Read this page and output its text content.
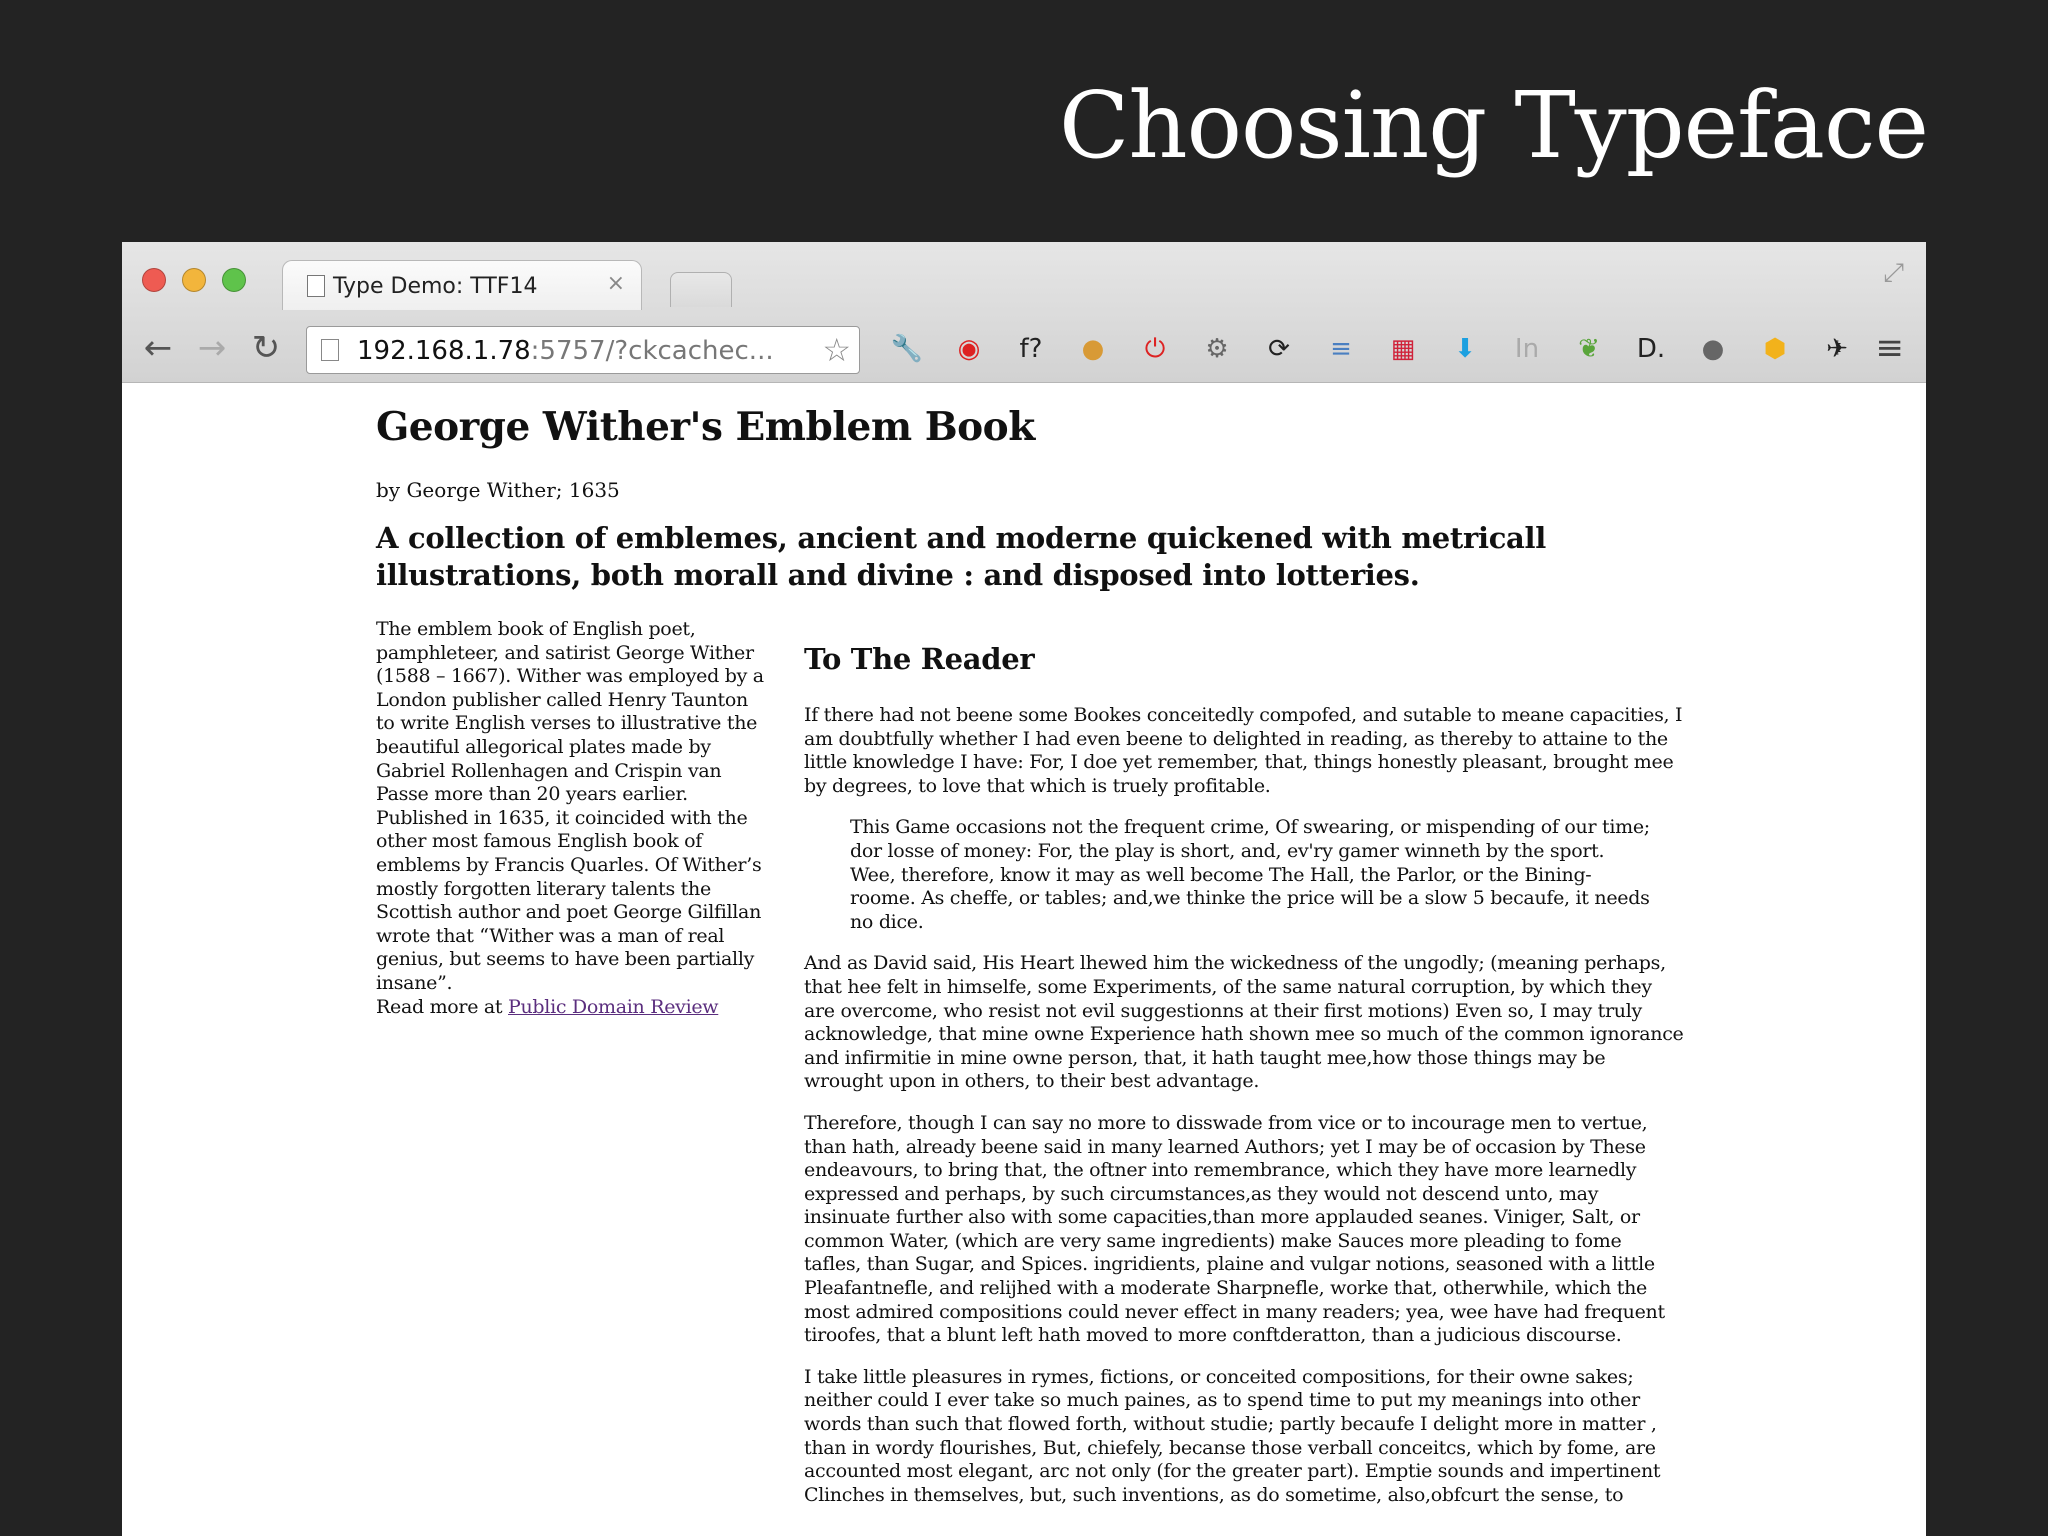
Choosing Typeface
Type Demo: TTF14	×	⤢
← → ↻	192.168.1.78:5757/?ckcachec... ☆ 🔧 ◉ f? ● ⏻ ⚙ ⟳ ≡ ▦ ⬇ In ❦ D. ● ⬢ ✈ ≡
George Wither's Emblem Book
by George Wither; 1635
A collection of emblemes, ancient and moderne quickened with metricall illustrations, both morall and divine : and disposed into lotteries.
The emblem book of English poet, pamphleteer, and satirist George Wither (1588 – 1667). Wither was employed by a London publisher called Henry Taunton to write English verses to illustrative the beautiful allegorical plates made by Gabriel Rollenhagen and Crispin van Passe more than 20 years earlier. Published in 1635, it coincided with the other most famous English book of emblems by Francis Quarles. Of Wither’s mostly forgotten literary talents the Scottish author and poet George Gilfillan wrote that “Wither was a man of real genius, but seems to have been partially insane”.
Read more at Public Domain Review
To The Reader

If there had not beene some Bookes conceitedly compofed, and sutable to meane capacities, I am doubtfully whether I had even beene to delighted in reading, as thereby to attaine to the little knowledge I have: For, I doe yet remember, that, things honestly pleasant, brought mee by degrees, to love that which is truely profitable.

This Game occasions not the frequent crime, Of swearing, or mispending of our time; dor losse of money: For, the play is short, and, ev'ry gamer winneth by the sport. Wee, therefore, know it may as well become The Hall, the Parlor, or the Bining-roome. As cheffe, or tables; and,we thinke the price will be a slow 5 becaufe, it needs no dice.

And as David said, His Heart lhewed him the wickedness of the ungodly; (meaning perhaps, that hee felt in himselfe, some Experiments, of the same natural corruption, by which they are overcome, who resist not evil suggestionns at their first motions) Even so, I may truly acknowledge, that mine owne Experience hath shown mee so much of the common ignorance and infirmitie in mine owne person, that, it hath taught mee,how those things may be wrought upon in others, to their best advantage.

Therefore, though I can say no more to disswade from vice or to incourage men to vertue, than hath, already beene said in many learned Authors; yet I may be of occasion by These endeavours, to bring that, the oftner into remembrance, which they have more learnedly expressed and perhaps, by such circumstances,as they would not descend unto, may insinuate further also with some capacities,than more applauded seanes. Viniger, Salt, or common Water, (which are very same ingredients) make Sauces more pleading to fome tafles, than Sugar, and Spices. ingridients, plaine and vulgar notions, seasoned with a little Pleafantnefle, and relijhed with a moderate Sharpnefle, worke that, otherwhile, which the most admired compositions could never effect in many readers; yea, wee have had frequent tiroofes, that a blunt left hath moved to more conftderatton, than a judicious discourse.

I take little pleasures in rymes, fictions, or conceited compositions, for their owne sakes; neither could I ever take so much paines, as to spend time to put my meanings into other words than such that flowed forth, without studie; partly becaufe I delight more in matter , than in wordy flourishes, But, chiefely, becanse those verball conceitcs, which by fome, are accounted most elegant, arc not only (for the greater part). Emptie sounds and impertinent Clinches in themselves, but, such inventions, as do sometime, also,obfcurt the sense, to
